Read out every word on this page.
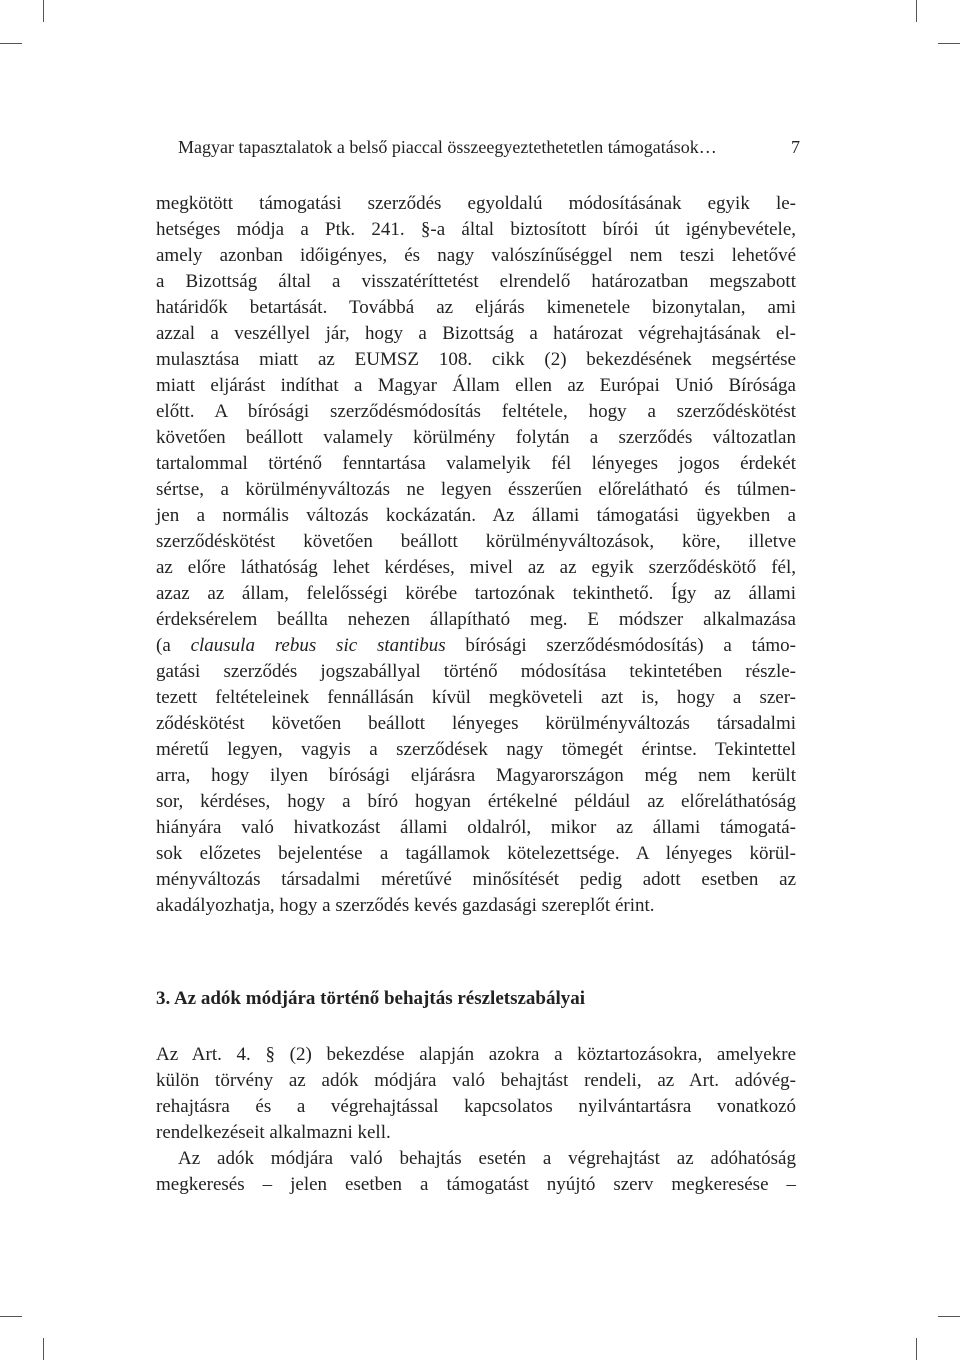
Magyar tapasztalatok a belső piaccal összeegyeztethetetlen támogatások…	7
megkötött támogatási szerződés egyoldalú módosításának egyik le-
hetséges módja a Ptk. 241. §-a által biztosított bírói út igénybevétele,
amely azonban időigényes, és nagy valószínűséggel nem teszi lehetővé
a Bizottság által a visszatéríttetést elrendelő határozatban megszabott
határidők betartását. Továbbá az eljárás kimenetele bizonytalan, ami
azzal a veszéllyel jár, hogy a Bizottság a határozat végrehajtásának el-
mulasztása miatt az EUMSZ 108. cikk (2) bekezdésének megsértése
miatt eljárást indíthat a Magyar Állam ellen az Európai Unió Bírósága
előtt. A bírósági szerződésmódosítás feltétele, hogy a szerződéskötést
követően beállott valamely körülmény folytán a szerződés változatlan
tartalommal történő fenntartása valamelyik fél lényeges jogos érdekét
sértse, a körülményváltozás ne legyen ésszerűen előrelátható és túlmen-
jen a normális változás kockázatán. Az állami támogatási ügyekben a
szerződéskötést követően beállott körülményváltozások, köre, illetve
az előre láthatóság lehet kérdéses, mivel az az egyik szerződéskötő fél,
azaz az állam, felelősségi körébe tartozónak tekinthető. Így az állami
érdeksérelem beállta nehezen állapítható meg. E módszer alkalmazása
(a clausula rebus sic stantibus bírósági szerződésmódosítás) a támo-
gatási szerződés jogszabállyal történő módosítása tekintetében részle-
tezett feltételeinek fennállásán kívül megköveteli azt is, hogy a szer-
ződéskötést követően beállott lényeges körülményváltozás társadalmi
méretű legyen, vagyis a szerződések nagy tömegét érintse. Tekintettel
arra, hogy ilyen bírósági eljárásra Magyarországon még nem került
sor, kérdéses, hogy a bíró hogyan értékelné például az előreláthatóság
hiányára való hivatkozást állami oldalról, mikor az állami támogatá-
sok előzetes bejelentése a tagállamok kötelezettsége. A lényeges körül-
ményváltozás társadalmi méretűvé minősítését pedig adott esetben az
akadályozhatja, hogy a szerződés kevés gazdasági szereplőt érint.
3. Az adók módjára történő behajtás részletszabályai
Az Art. 4. § (2) bekezdése alapján azokra a köztartozásokra, amelyekre
külön törvény az adók módjára való behajtást rendeli, az Art. adóvég-
rehajtásra és a végrehajtással kapcsolatos nyilvántartásra vonatkozó
rendelkezéseit alkalmazni kell.
Az adók módjára való behajtás esetén a végrehajtást az adóhatóság
megkeresés – jelen esetben a támogatást nyújtó szerv megkeresése –
